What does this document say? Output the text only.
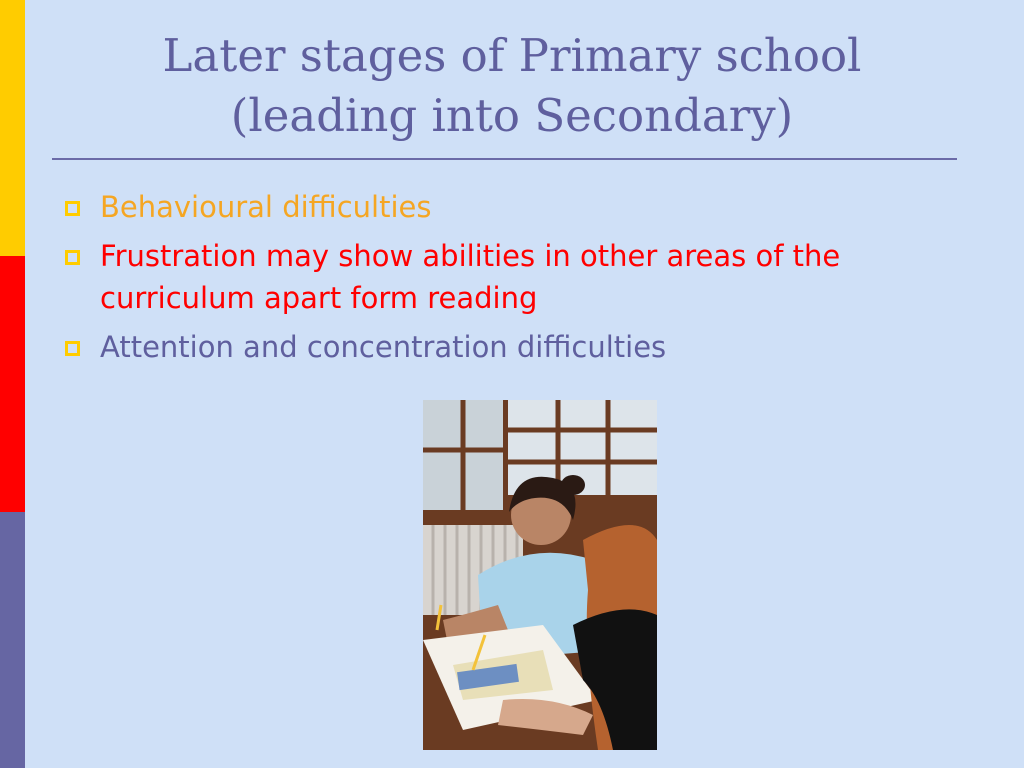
Later stages of Primary school
(leading into Secondary)
Behavioural difficulties
Frustration may show abilities in other areas of the curriculum apart form reading
Attention and concentration difficulties
